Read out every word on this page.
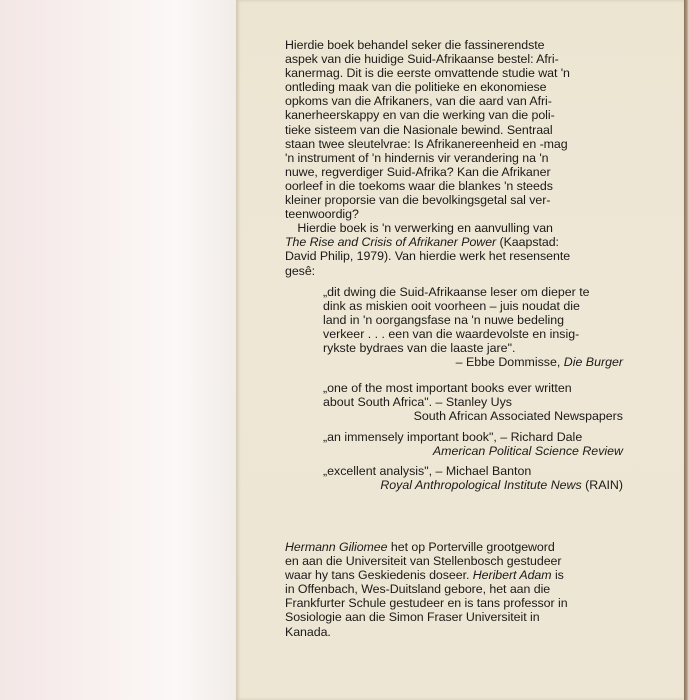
Hierdie boek behandel seker die fassinerendste
aspek van die huidige Suid-Afrikaanse bestel: Afri-
kanermag. Dit is die eerste omvattende studie wat 'n
ontleding maak van die politieke en ekonomiese
opkoms van die Afrikaners, van die aard van Afri-
kanerheerskappy en van die werking van die poli-
tieke sisteem van die Nasionale bewind. Sentraal
staan twee sleutelvrae: Is Afrikanereenheid en -mag
'n instrument of 'n hindernis vir verandering na 'n
nuwe, regverdiger Suid-Afrika? Kan die Afrikaner
oorleef in die toekoms waar die blankes 'n steeds
kleiner proporsie van die bevolkingsgetal sal ver-
teenwoordig?

 Hierdie boek is 'n verwerking en aanvulling van
The Rise and Crisis of Afrikaner Power (Kaapstad:
David Philip, 1979). Van hierdie werk het resensente
gesê:

„dit dwing die Suid-Afrikaanse leser om dieper te
dink as miskien ooit voorheen – juis noudat die
land in 'n oorgangsfase na 'n nuwe bedeling
verkeer . . . een van die waardevolste en insig-
rykste bydraes van die laaste jare".
– Ebbe Dommisse, Die Burger
„one of the most important books ever written
about South Africa". – Stanley Uys
South African Associated Newspapers
„an immensely important book", – Richard Dale
American Political Science Review
„excellent analysis", – Michael Banton
Royal Anthropological Institute News (RAIN)

Hermann Giliomee het op Porterville grootgeword
en aan die Universiteit van Stellenbosch gestudeer
waar hy tans Geskiedenis doseer. Heribert Adam is
in Offenbach, Wes-Duitsland gebore, het aan die
Frankfurter Schule gestudeer en is tans professor in
Sosiologie aan die Simon Fraser Universiteit in
Kanada.
